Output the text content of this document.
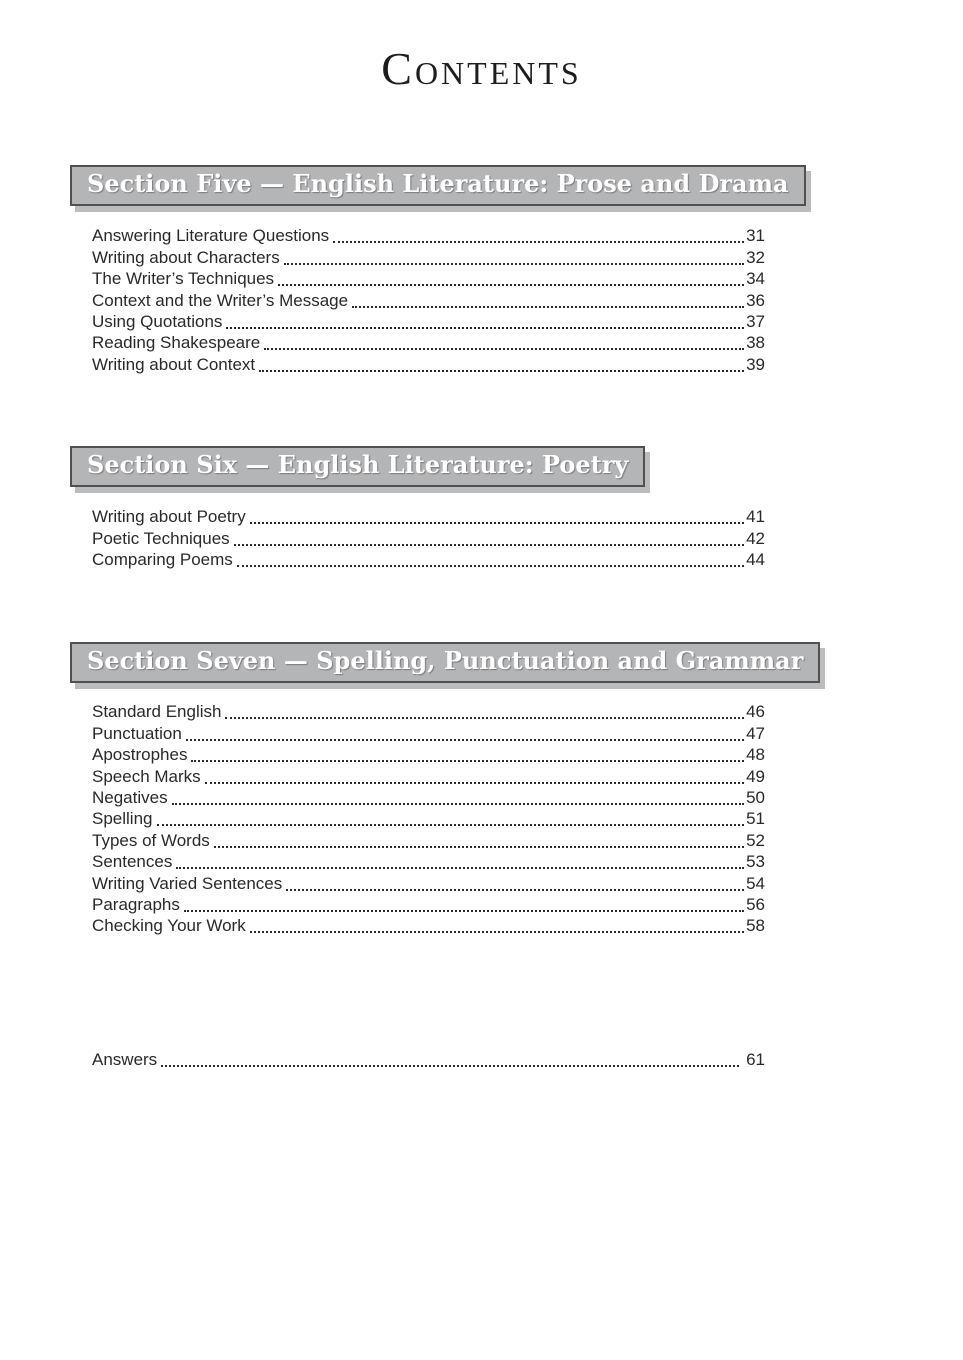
Contents
Section Five — English Literature: Prose and Drama
Answering Literature Questions	31
Writing about Characters	32
The Writer’s Techniques	34
Context and the Writer’s Message	36
Using Quotations	37
Reading Shakespeare	38
Writing about Context	39
Section Six — English Literature: Poetry
Writing about Poetry	41
Poetic Techniques	42
Comparing Poems	44
Section Seven — Spelling, Punctuation and Grammar
Standard English	46
Punctuation	47
Apostrophes	48
Speech Marks	49
Negatives	50
Spelling	51
Types of Words	52
Sentences	53
Writing Varied Sentences	54
Paragraphs	56
Checking Your Work	58
Answers	61
